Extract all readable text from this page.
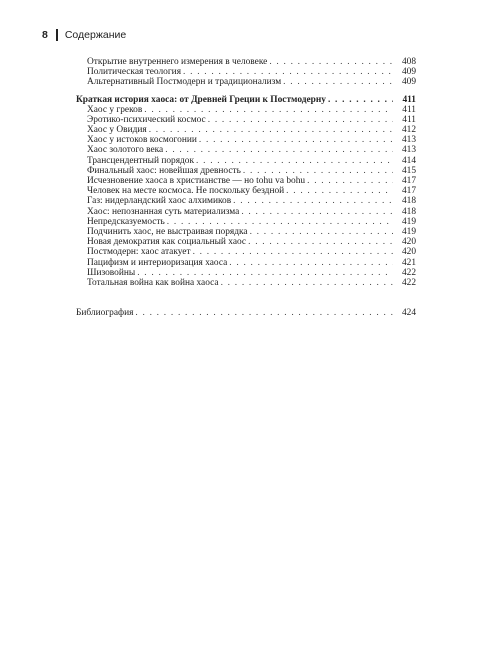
8 Содержание
Открытие внутреннего измерения в человеке . . .	408
Политическая теология . . .	409
Альтернативный Постмодерн и традиционализм . . .	409
Краткая история хаоса: от Древней Греции к Постмодерну . . .	411
Хаос у греков . . .	411
Эротико-психический космос . . .	411
Хаос у Овидия . . .	412
Хаос у истоков космогонии . . .	413
Хаос золотого века . . .	413
Трансцендентный порядок . . .	414
Финальный хаос: новейшая древность . . .	415
Исчезновение хаоса в христианстве — но tohu va bohu . . .	417
Человек на месте космоса. Не поскольку бездной . . .	417
Газ: нидерландский хаос алхимиков . . .	418
Хаос: непознанная суть материализма . . .	418
Непредсказуемость . . .	419
Подчинить хаос, не выстраивая порядка . . .	419
Новая демократия как социальный хаос . . .	420
Постмодерн: хаос атакует . . .	420
Пацифизм и интериоризация хаоса . . .	421
Шизовойны . . .	422
Тотальная война как война хаоса . . .	422
Библиография . . .	424
